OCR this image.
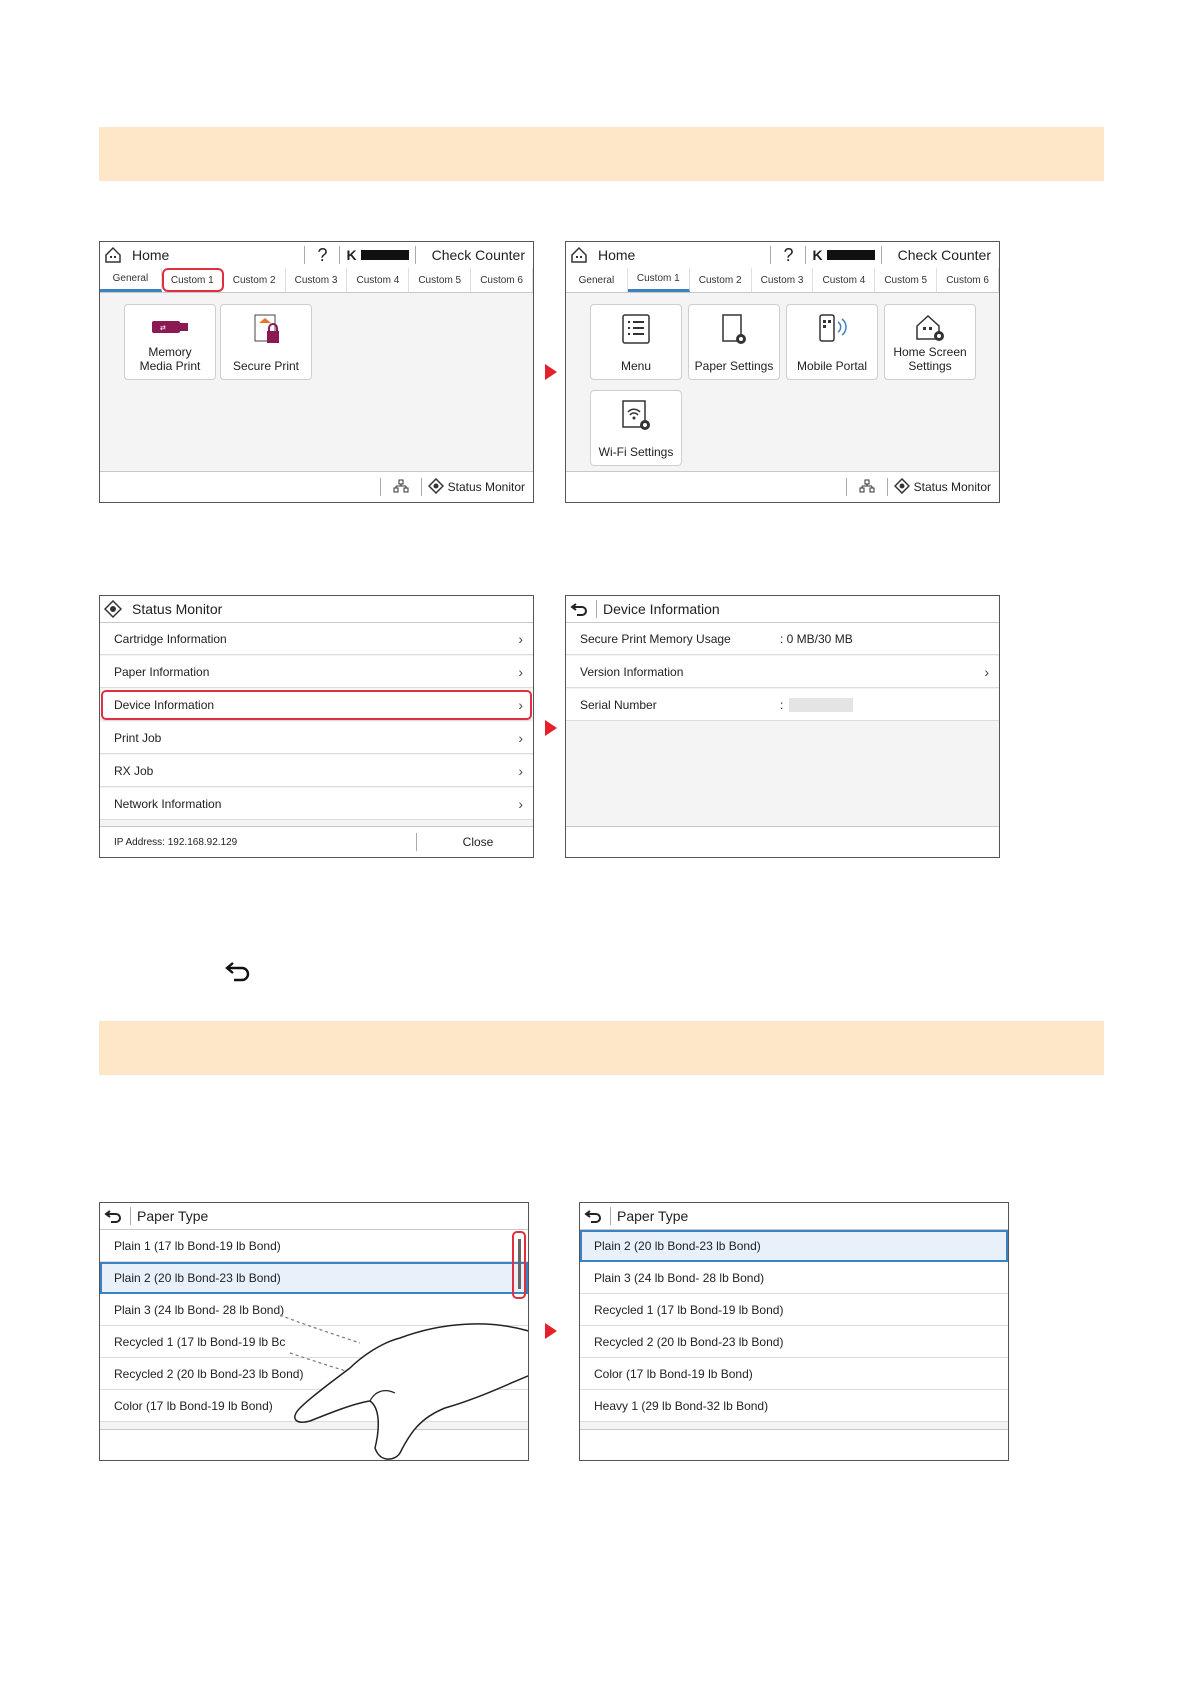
Home	?	K	Check Counter
General	Custom 1	Custom 2	Custom 3	Custom 4	Custom 5	Custom 6
⇄
Memory
Media Print	Secure Print
Status Monitor
Home	?	K	Check Counter
General	Custom 1	Custom 2	Custom 3	Custom 4	Custom 5	Custom 6
Menu	Paper Settings Mobile Portal
Home Screen
Settings
Wi-Fi Settings
Status Monitor
Status Monitor
Cartridge Information	›
Paper Information	›
Device Information	›
Print Job	›
RX Job	›
Network Information	›
IP Address: 192.168.92.129	Close
Device Information
Secure Print Memory Usage	: 0 MB/30 MB
Version Information	›
Serial Number	:
Paper Type
Plain 1 (17 lb Bond-19 lb Bond)
Plain 2 (20 lb Bond-23 lb Bond)
Plain 3 (24 lb Bond- 28 lb Bond)
Recycled 1 (17 lb Bond-19 lb Bc
Recycled 2 (20 lb Bond-23 lb Bond)
Color (17 lb Bond-19 lb Bond)
Paper Type
Plain 2 (20 lb Bond-23 lb Bond)
Plain 3 (24 lb Bond- 28 lb Bond)
Recycled 1 (17 lb Bond-19 lb Bond)
Recycled 2 (20 lb Bond-23 lb Bond)
Color (17 lb Bond-19 lb Bond)
Heavy 1 (29 lb Bond-32 lb Bond)
